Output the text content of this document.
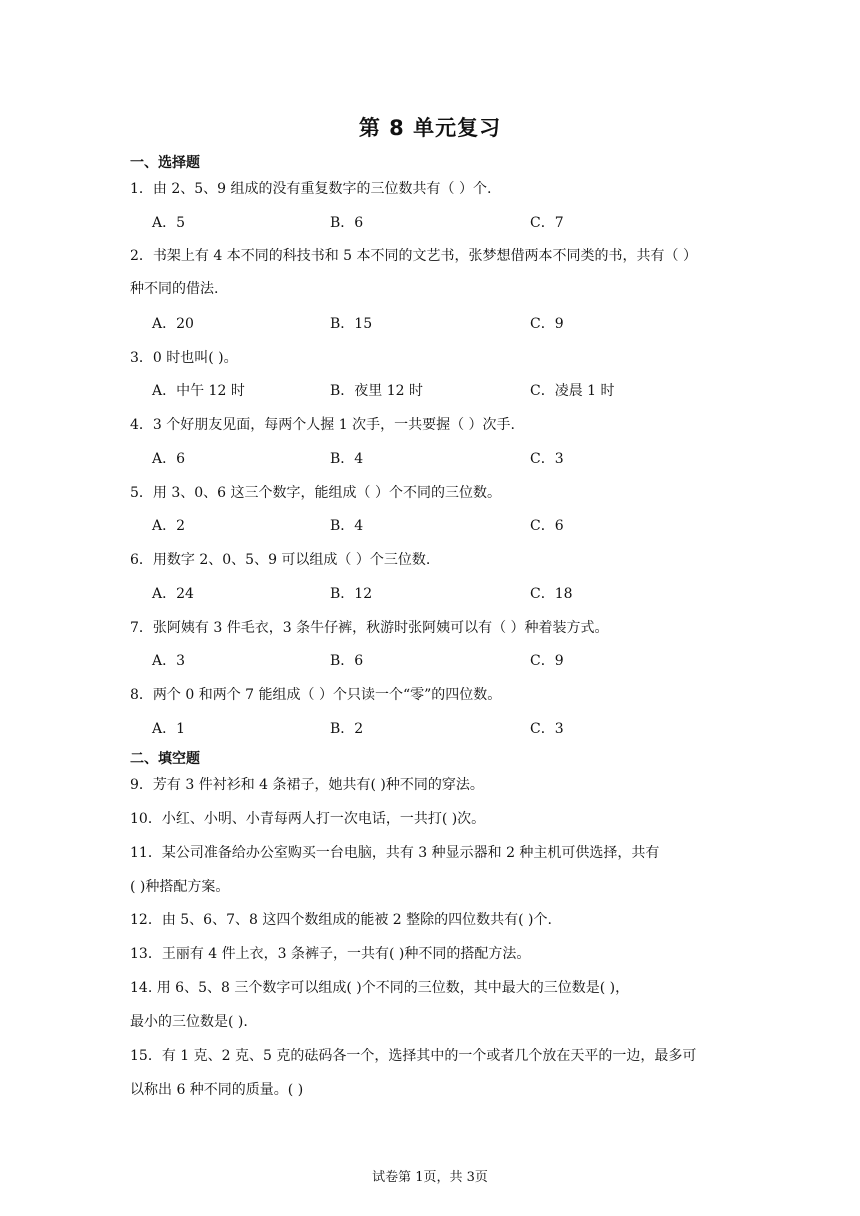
第 8 单元复习
一、选择题
1．由 2、5、9 组成的没有重复数字的三位数共有（ ）个.
A．5	B．6	C．7
2．书架上有 4 本不同的科技书和 5 本不同的文艺书，张梦想借两本不同类的书，共有（ ）
种不同的借法.
A．20	B．15	C．9
3．0 时也叫( )。
A．中午 12 时	B．夜里 12 时	C．凌晨 1 时
4．3 个好朋友见面，每两个人握 1 次手，一共要握（ ）次手.
A．6	B．4	C．3
5．用 3、0、6 这三个数字，能组成（ ）个不同的三位数。
A．2	B．4	C．6
6．用数字 2、0、5、9 可以组成（ ）个三位数.
A．24	B．12	C．18
7．张阿姨有 3 件毛衣，3 条牛仔裤，秋游时张阿姨可以有（ ）种着装方式。
A．3	B．6	C．9
8．两个 0 和两个 7 能组成（ ）个只读一个“零”的四位数。
A．1	B．2	C．3
二、填空题
9．芳有 3 件衬衫和 4 条裙子，她共有( )种不同的穿法。
10．小红、小明、小青每两人打一次电话，一共打( )次。
11．某公司准备给办公室购买一台电脑，共有 3 种显示器和 2 种主机可供选择，共有
( )种搭配方案。
12．由 5、6、7、8 这四个数组成的能被 2 整除的四位数共有( )个.
13．王丽有 4 件上衣，3 条裤子，一共有( )种不同的搭配方法。
14. 用 6、5、8 三个数字可以组成( )个不同的三位数，其中最大的三位数是( )，
最小的三位数是( ).
15．有 1 克、2 克、5 克的砝码各一个，选择其中的一个或者几个放在天平的一边，最多可
以称出 6 种不同的质量。( )
试卷第 1页，共 3页
